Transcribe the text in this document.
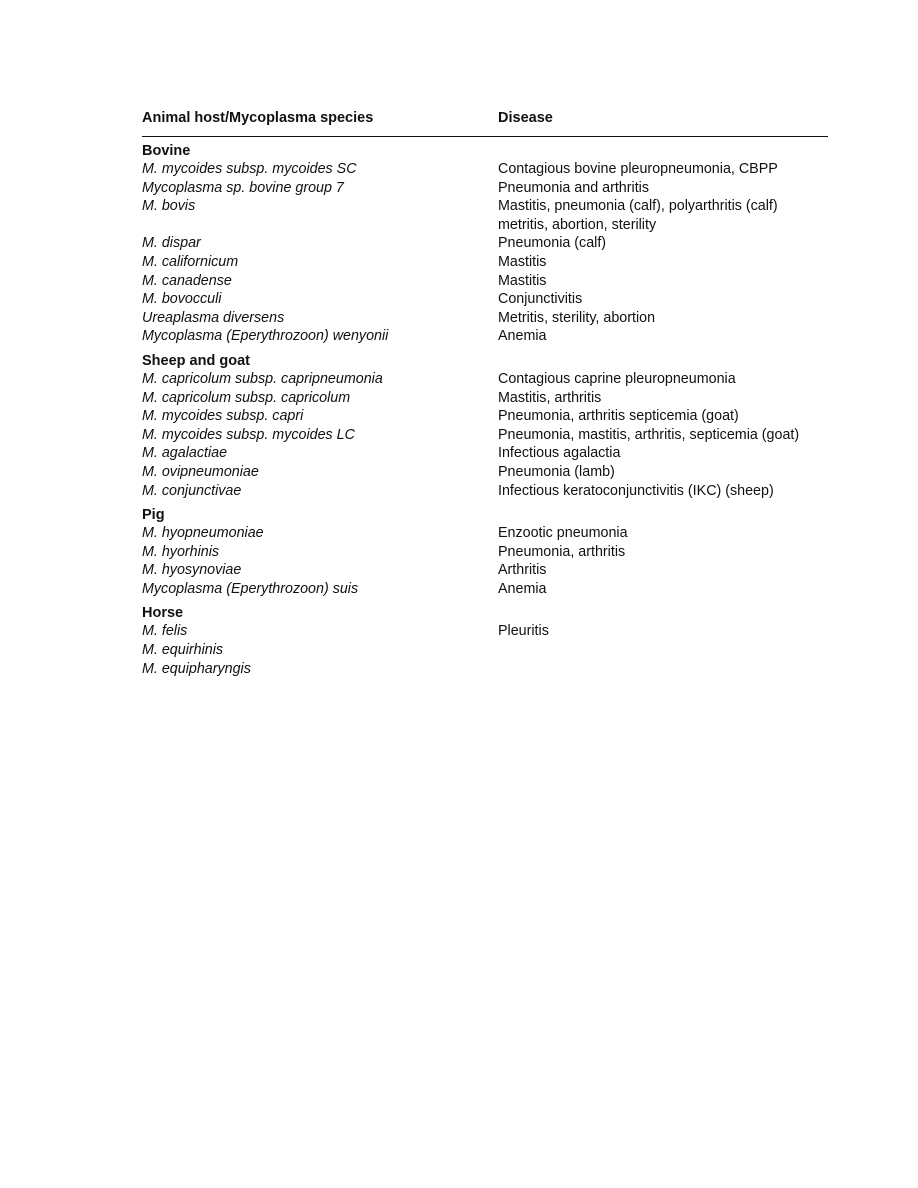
Animal host/Mycoplasma species	Disease
Bovine
M. mycoides subsp. mycoides SC	Contagious bovine pleuropneumonia, CBPP
Mycoplasma sp. bovine group 7	Pneumonia and arthritis
M. bovis	Mastitis, pneumonia (calf), polyarthritis (calf) metritis, abortion, sterility
M. dispar	Pneumonia (calf)
M. californicum	Mastitis
M. canadense	Mastitis
M. bovocculi	Conjunctivitis
Ureaplasma diversens	Metritis, sterility, abortion
Mycoplasma (Eperythrozoon) wenyonii	Anemia
Sheep and goat
M. capricolum subsp. capripneumonia	Contagious caprine pleuropneumonia
M. capricolum subsp. capricolum	Mastitis, arthritis
M. mycoides subsp. capri	Pneumonia, arthritis septicemia (goat)
M. mycoides subsp. mycoides LC	Pneumonia, mastitis, arthritis, septicemia (goat)
M. agalactiae	Infectious agalactia
M. ovipneumoniae	Pneumonia (lamb)
M. conjunctivae	Infectious keratoconjunctivitis (IKC) (sheep)
Pig
M. hyopneumoniae	Enzootic pneumonia
M. hyorhinis	Pneumonia, arthritis
M. hyosynoviae	Arthritis
Mycoplasma (Eperythrozoon) suis	Anemia
Horse
M. felis	Pleuritis
M. equirhinis
M. equipharyngis
